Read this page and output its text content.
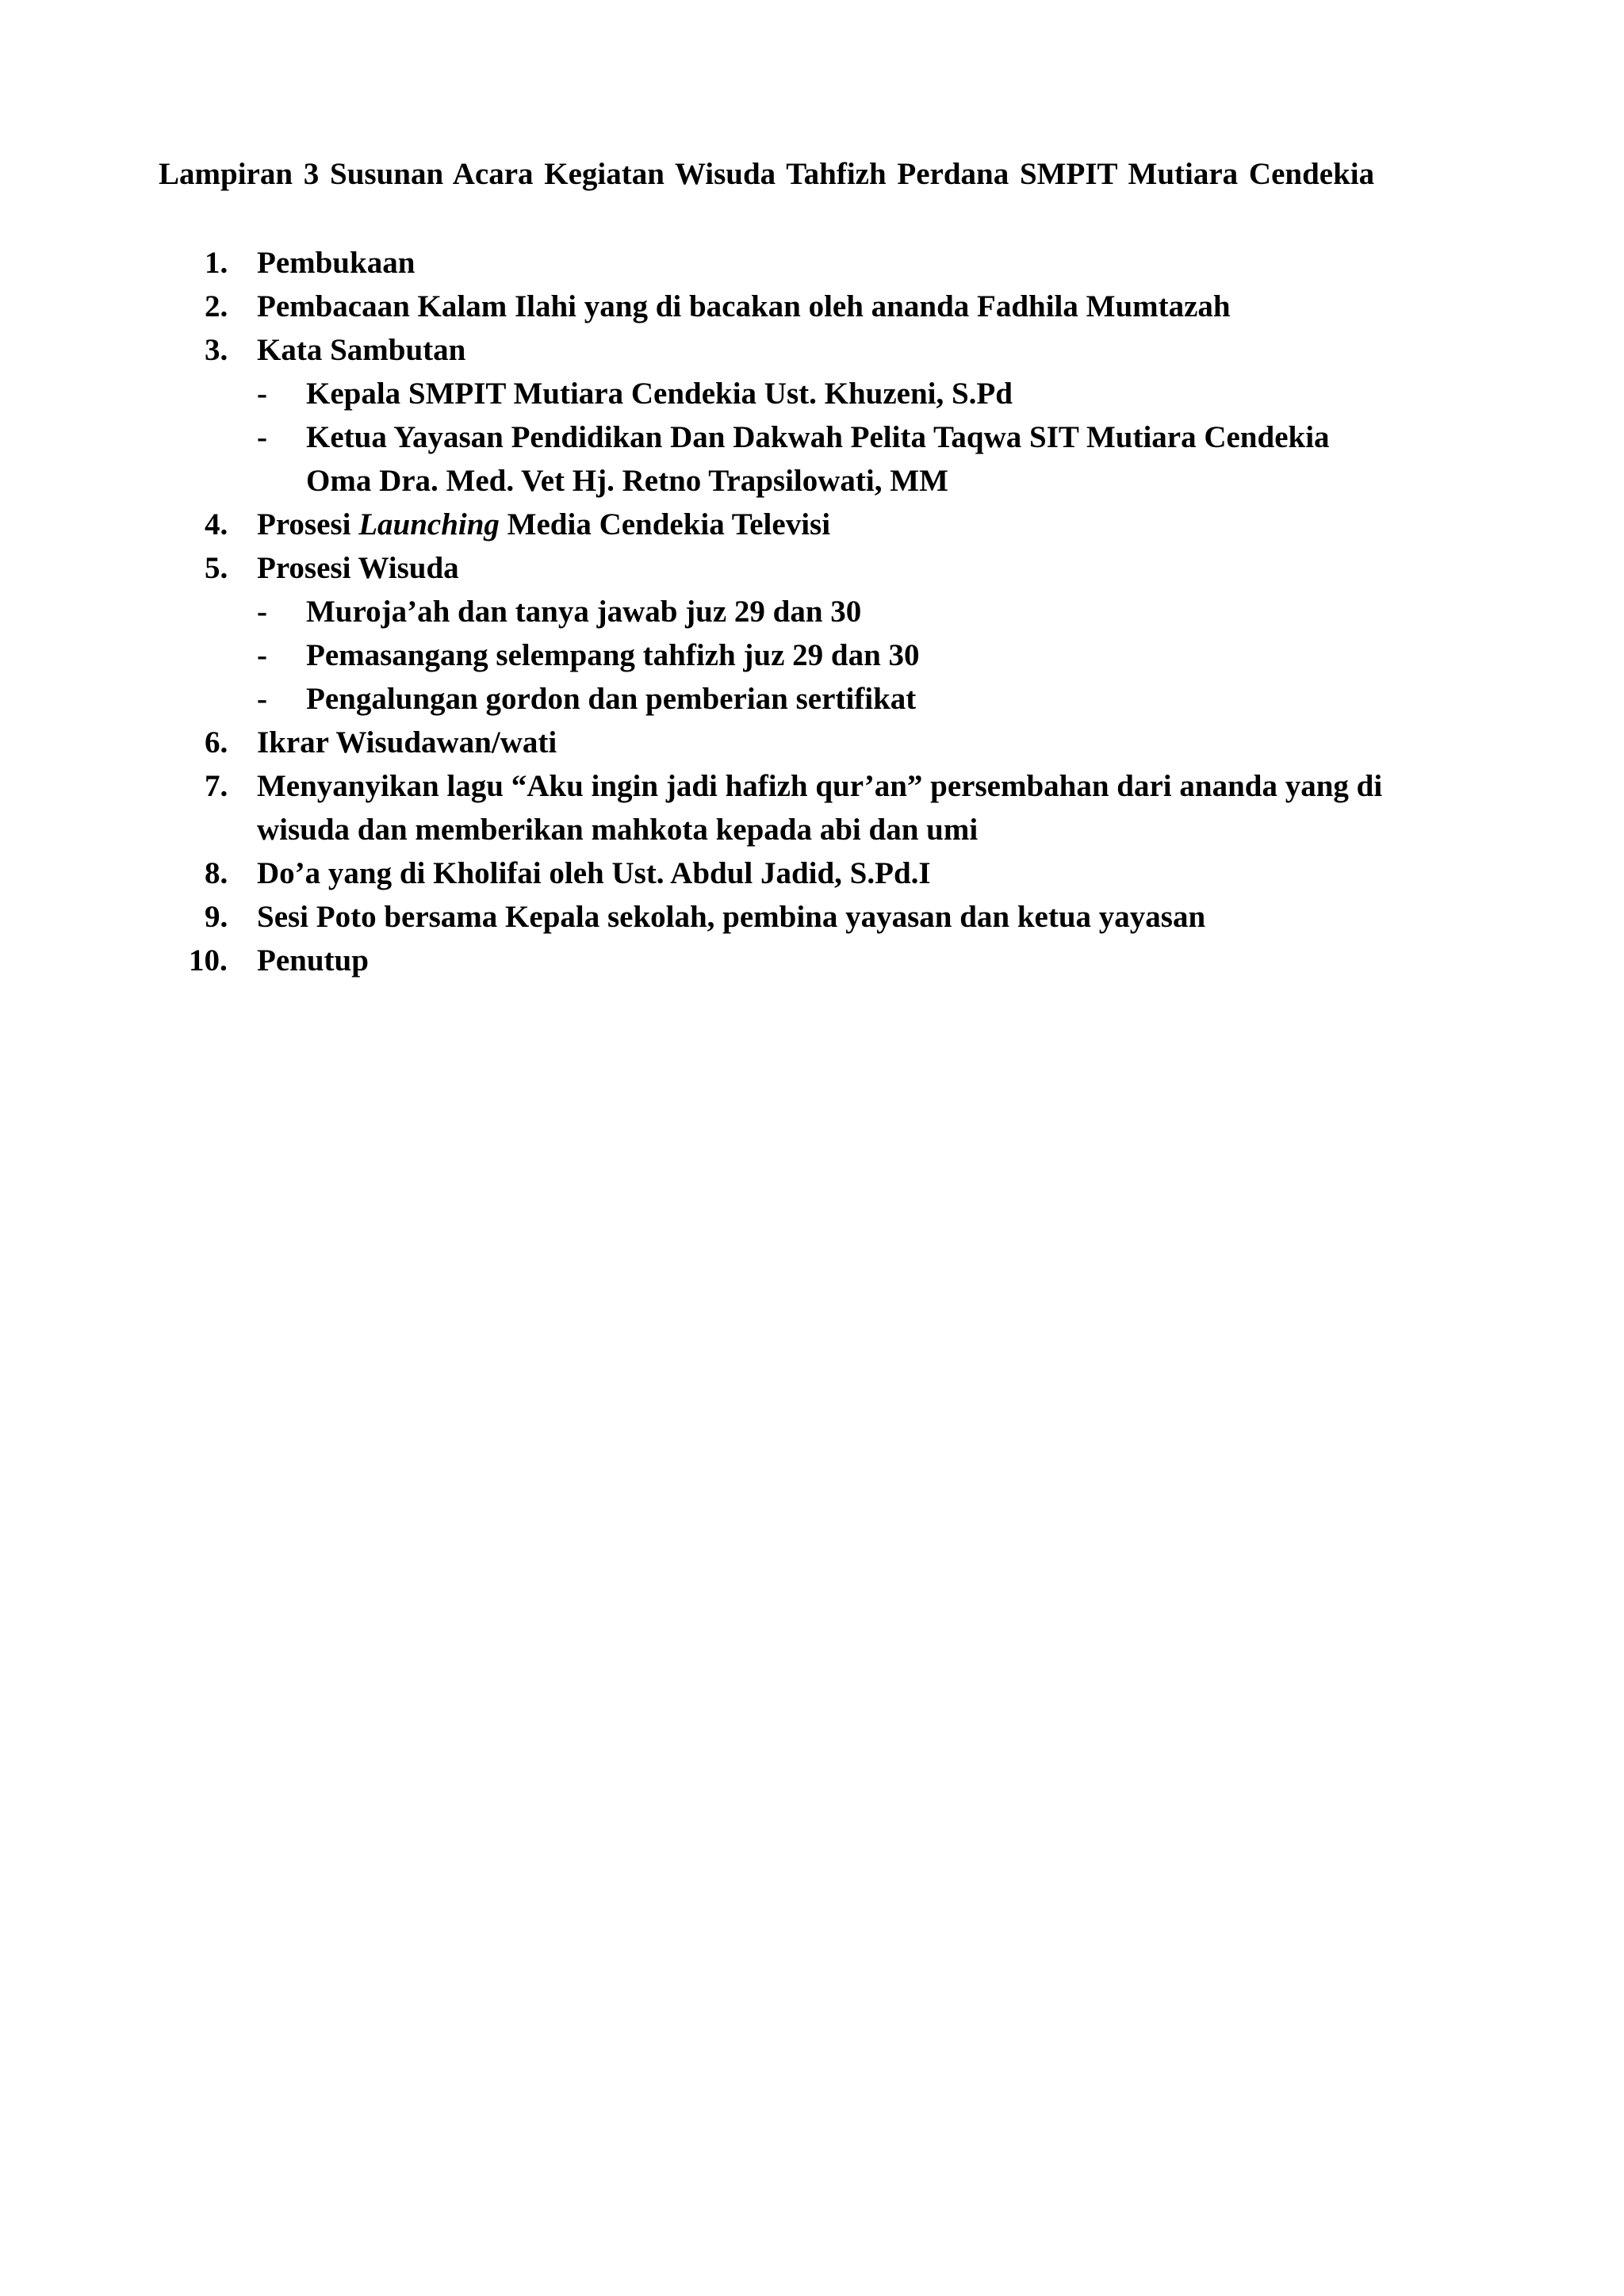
Lampiran 3 Susunan Acara Kegiatan Wisuda Tahfizh Perdana SMPIT Mutiara Cendekia
1. Pembukaan
2. Pembacaan Kalam Ilahi yang di bacakan oleh ananda Fadhila Mumtazah
3. Kata Sambutan
- Kepala SMPIT Mutiara Cendekia Ust. Khuzeni, S.Pd
- Ketua Yayasan Pendidikan Dan Dakwah Pelita Taqwa SIT Mutiara Cendekia
Oma Dra. Med. Vet Hj. Retno Trapsilowati, MM
4. Prosesi Launching Media Cendekia Televisi
5. Prosesi Wisuda
- Muroja’ah dan tanya jawab juz 29 dan 30
- Pemasangang selempang tahfizh juz 29 dan 30
- Pengalungan gordon dan pemberian sertifikat
6. Ikrar Wisudawan/wati
7. Menyanyikan lagu “Aku ingin jadi hafizh qur’an” persembahan dari ananda yang di
wisuda dan memberikan mahkota kepada abi dan umi
8. Do’a yang di Kholifai oleh Ust. Abdul Jadid, S.Pd.I
9. Sesi Poto bersama Kepala sekolah, pembina yayasan dan ketua yayasan
10. Penutup
